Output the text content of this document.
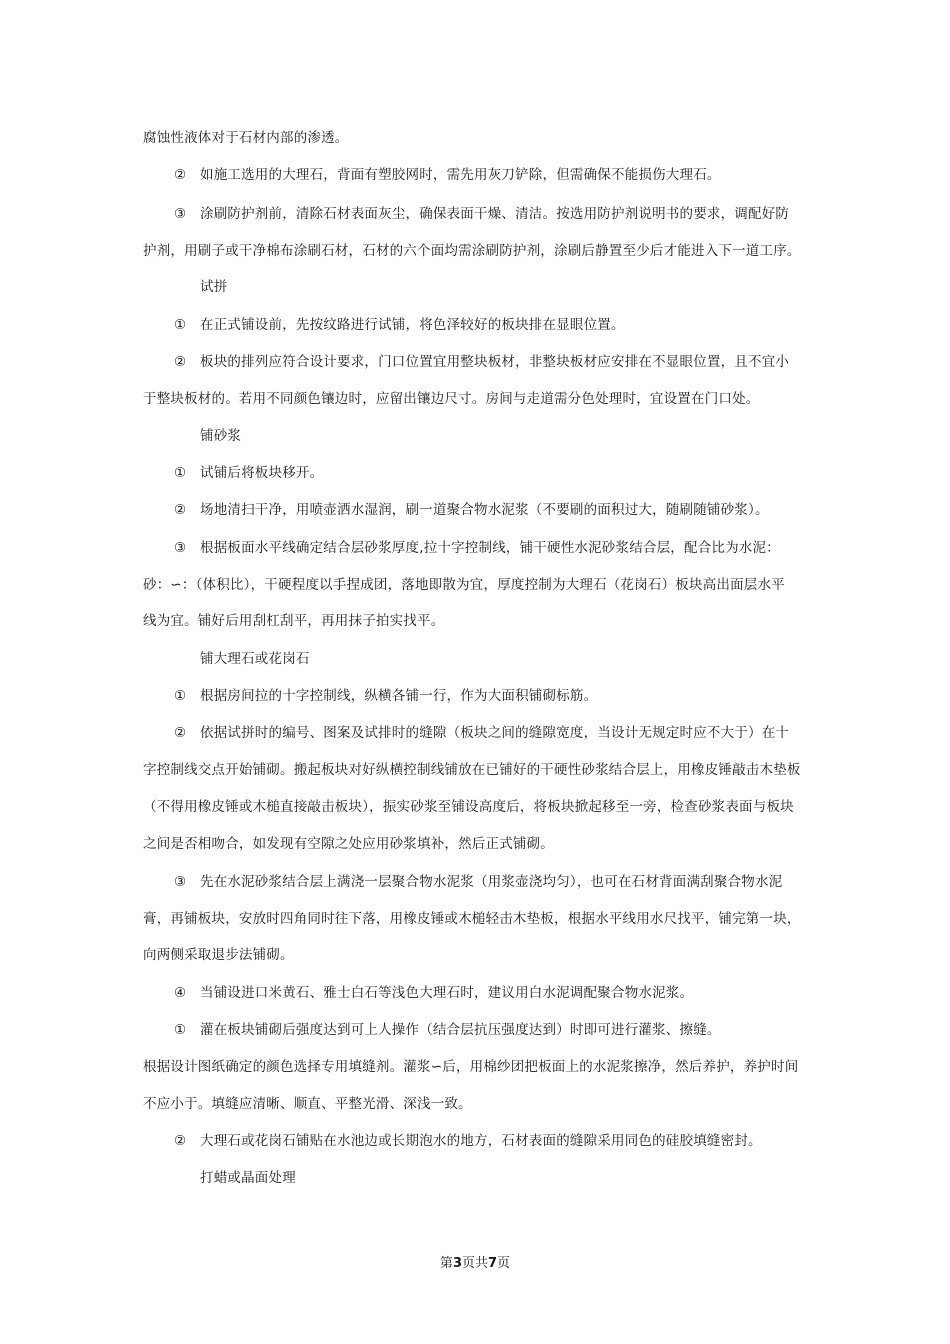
腐蚀性液体对于石材内部的渗透。
②　如施工选用的大理石，背面有塑胶网时，需先用灰刀铲除，但需确保不能损伤大理石。
③　涂刷防护剂前，清除石材表面灰尘，确保表面干燥、清洁。按选用防护剂说明书的要求，调配好防
护剂，用刷子或干净棉布涂刷石材，石材的六个面均需涂刷防护剂，涂刷后静置至少后才能进入下一道工序。
试拼
①　在正式铺设前，先按纹路进行试铺，将色泽较好的板块排在显眼位置。
②　板块的排列应符合设计要求，门口位置宜用整块板材，非整块板材应安排在不显眼位置，且不宜小
于整块板材的。若用不同颜色镶边时，应留出镶边尺寸。房间与走道需分色处理时，宜设置在门口处。
铺砂浆
①　试铺后将板块移开。
②　场地清扫干净，用喷壶洒水湿润，刷一道聚合物水泥浆（不要刷的面积过大，随刷随铺砂浆）。
③　根据板面水平线确定结合层砂浆厚度,拉十字控制线，铺干硬性水泥砂浆结合层，配合比为水泥：
砂：∽：（体积比），干硬程度以手捏成团，落地即散为宜，厚度控制为大理石（花岗石）板块高出面层水平
线为宜。铺好后用刮杠刮平，再用抹子拍实找平。
铺大理石或花岗石
①　根据房间拉的十字控制线，纵横各铺一行，作为大面积铺砌标筋。
②　依据试拼时的编号、图案及试排时的缝隙（板块之间的缝隙宽度，当设计无规定时应不大于）在十
字控制线交点开始铺砌。搬起板块对好纵横控制线铺放在已铺好的干硬性砂浆结合层上，用橡皮锤敲击木垫板
（不得用橡皮锤或木槌直接敲击板块），振实砂浆至铺设高度后，将板块掀起移至一旁，检查砂浆表面与板块
之间是否相吻合，如发现有空隙之处应用砂浆填补，然后正式铺砌。
③　先在水泥砂浆结合层上满浇一层聚合物水泥浆（用浆壶浇均匀），也可在石材背面满刮聚合物水泥
膏，再铺板块，安放时四角同时往下落，用橡皮锤或木槌轻击木垫板，根据水平线用水尺找平，铺完第一块，
向两侧采取退步法铺砌。
④　当铺设进口米黄石、雅士白石等浅色大理石时，建议用白水泥调配聚合物水泥浆。
①　灌在板块铺砌后强度达到可上人操作（结合层抗压强度达到）时即可进行灌浆、擦缝。
根据设计图纸确定的颜色选择专用填缝剂。灌浆∽后，用棉纱团把板面上的水泥浆擦净，然后养护，养护时间
不应小于。填缝应清晰、顺直、平整光滑、深浅一致。
②　大理石或花岗石铺贴在水池边或长期泡水的地方，石材表面的缝隙采用同色的硅胶填缝密封。
打蜡或晶面处理
第3页共7页
